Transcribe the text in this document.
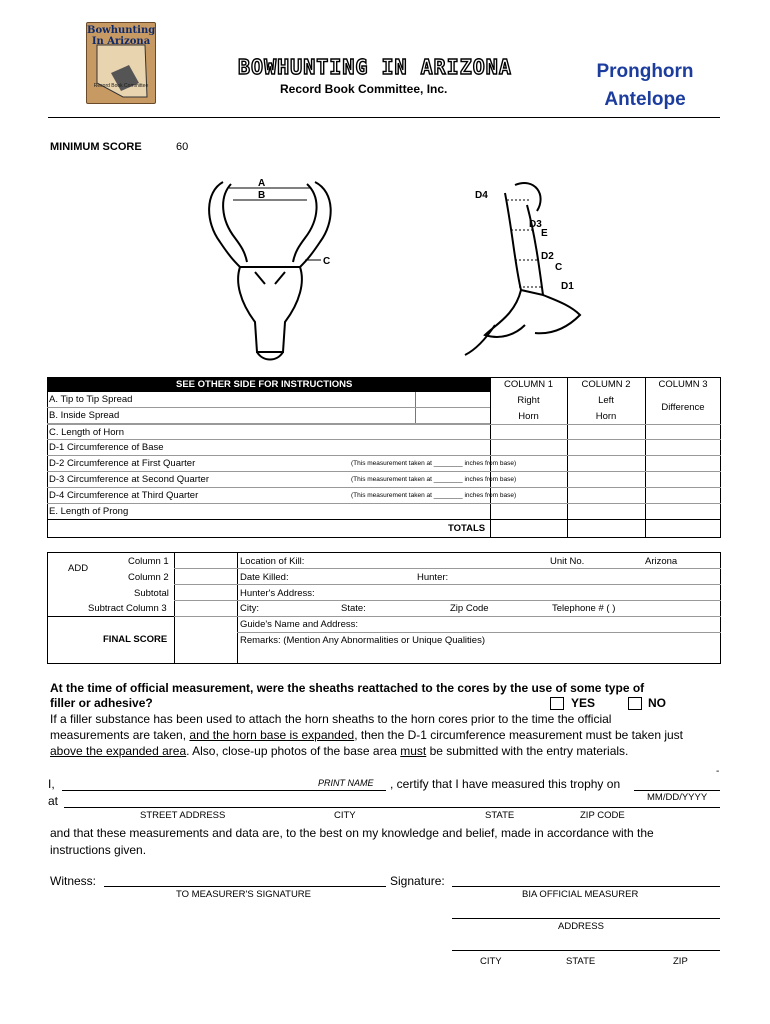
Bowhunting
In Arizona
Record Book Committee
BOWHUNTING IN ARIZONA
Record Book Committee, Inc.
Pronghorn
Antelope
MINIMUM SCORE	60
A
B
C
D4
D3
E
D2
C
D1
SEE OTHER SIDE FOR INSTRUCTIONS	COLUMN 1
Right
Horn
COLUMN 2
Left
Horn
COLUMN 3
Difference
A. Tip to Tip Spread
B. Inside Spread
C. Length of Horn
D-1 Circumference of Base
D-2 Circumference at First Quarter	(This measurement taken at ________ inches from base)
D-3 Circumference at Second Quarter	(This measurement taken at ________ inches from base)
D-4 Circumference at Third Quarter	(This measurement taken at ________ inches from base)
E. Length of Prong
TOTALS
ADD
Column 1
Column 2
Subtotal
Subtract Column 3
FINAL SCORE
Location of Kill:	Unit No.	Arizona
Date Killed:	Hunter:
Hunter's Address:
City:	State:	Zip Code	Telephone # ( )
Guide's Name and Address:
Remarks: (Mention Any Abnormalities or Unique Qualities)
At the time of official measurement, were the sheaths reattached to the cores by the use of some type of
filler or adhesive?	YES	NO
If a filler substance has been used to attach the horn sheaths to the horn cores prior to the time the official
measurements are taken, and the horn base is expanded, then the D-1 circumference measurement must be taken just
above the expanded area. Also, close-up photos of the base area must be submitted with the entry materials.
-
I,	PRINT NAME , certify that I have measured this trophy on
at	MM/DD/YYYY
STREET ADDRESS	CITY	STATE	ZIP CODE
and that these measurements and data are, to the best on my knowledge and belief, made in accordance with the
instructions given.
Witness:	Signature:
TO MEASURER'S SIGNATURE	BIA OFFICIAL MEASURER
ADDRESS
CITY	STATE	ZIP
